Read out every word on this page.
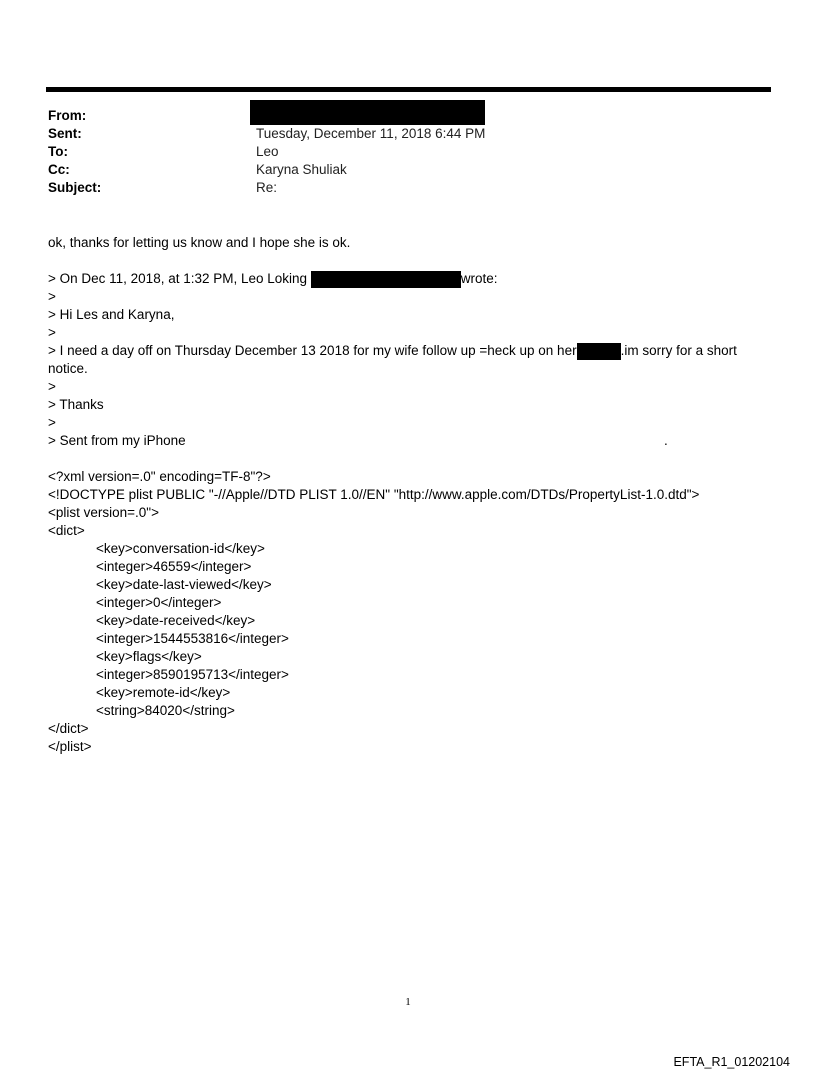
From:
Sent:	Tuesday, December 11, 2018 6:44 PM
To:	Leo
Cc:	Karyna Shuliak
Subject:	Re:
ok, thanks for letting us know and I hope she is ok.
> On Dec 11, 2018, at 1:32 PM, Leo Loking	wrote:
>
> Hi Les and Karyna,
>
> I need a day off on Thursday December 13 2018 for my wife follow up =heck up on her	.im sorry for a short notice.
>
> Thanks
>
> Sent from my iPhone
<?xml version=.0" encoding=TF-8"?>
<!DOCTYPE plist PUBLIC "-//Apple//DTD PLIST 1.0//EN" "http://www.apple.com/DTDs/PropertyList-1.0.dtd">
<plist version=.0">
<dict>
<key>conversation-id</key>
<integer>46559</integer>
<key>date-last-viewed</key>
<integer>0</integer>
<key>date-received</key>
<integer>1544553816</integer>
<key>flags</key>
<integer>8590195713</integer>
<key>remote-id</key>
<string>84020</string>
</dict>
</plist>
.
1
EFTA_R1_01202104
